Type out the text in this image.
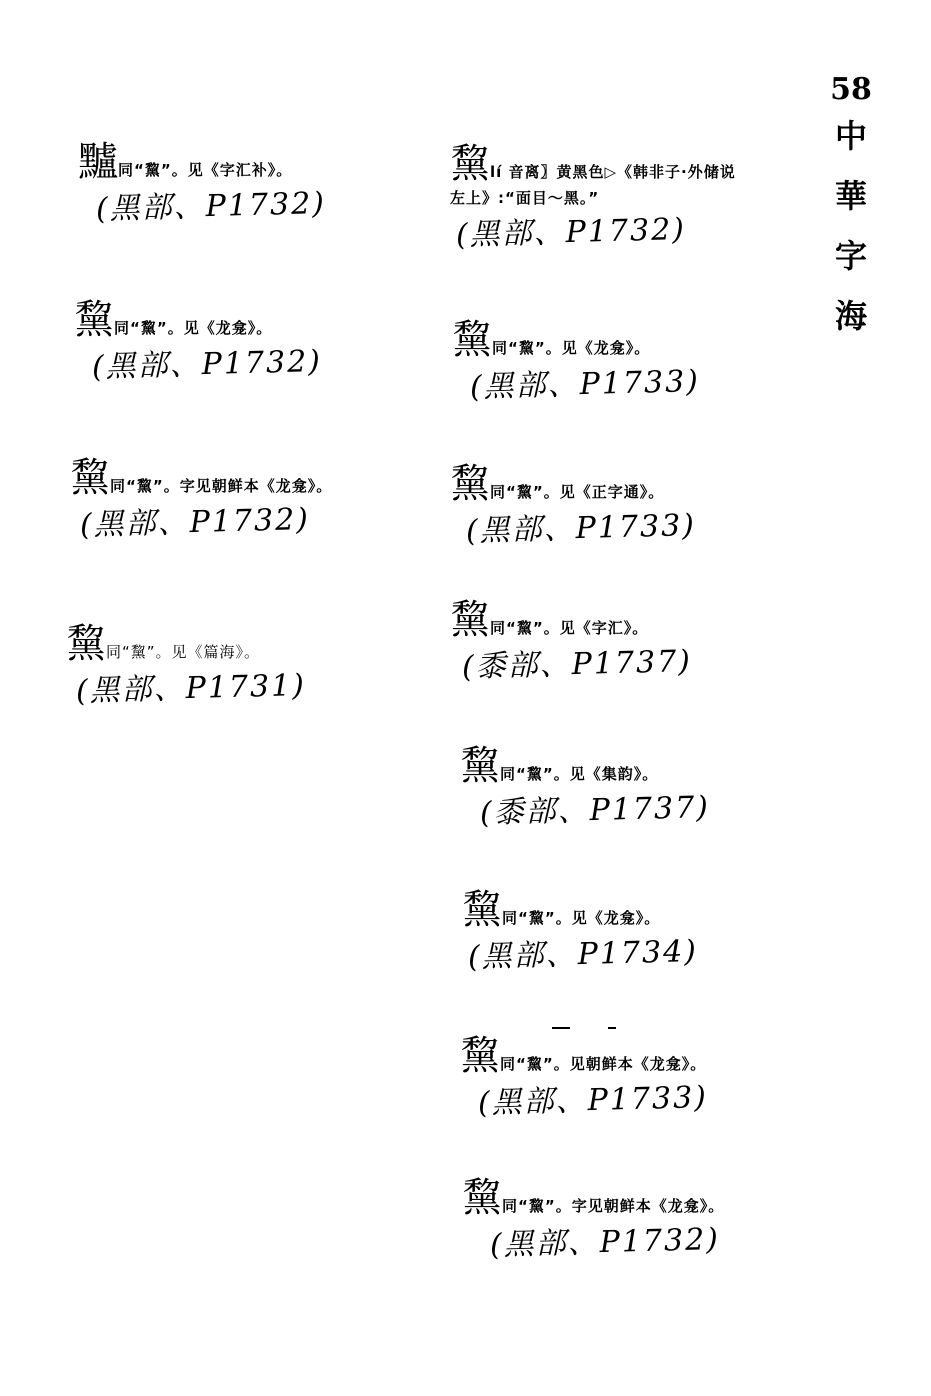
58
中
華
字
海
黸同“黧”。见《字汇补》。
(黑部、P1732)
黧同“黧”。见《龙龛》。
(黑部、P1732)
黧同“黧”。字见朝鲜本《龙龛》。
(黑部、P1732)
黧同“黧”。见《篇海》。
(黑部、P1731)
黧lí 音离〗黄黑色▷《韩非子·外储说左上》:“面目～黑。”
(黑部、P1732)
黧同“黧”。见《龙龛》。
(黑部、P1733)
黧同“黧”。见《正字通》。
(黑部、P1733)
黧同“黧”。见《字汇》。
(黍部、P1737)
黧同“黧”。见《集韵》。
(黍部、P1737)
黧同“黧”。见《龙龛》。
(黑部、P1734)
黧同“黧”。见朝鲜本《龙龛》。
(黑部、P1733)
黧同“黧”。字见朝鲜本《龙龛》。
(黑部、P1732)
